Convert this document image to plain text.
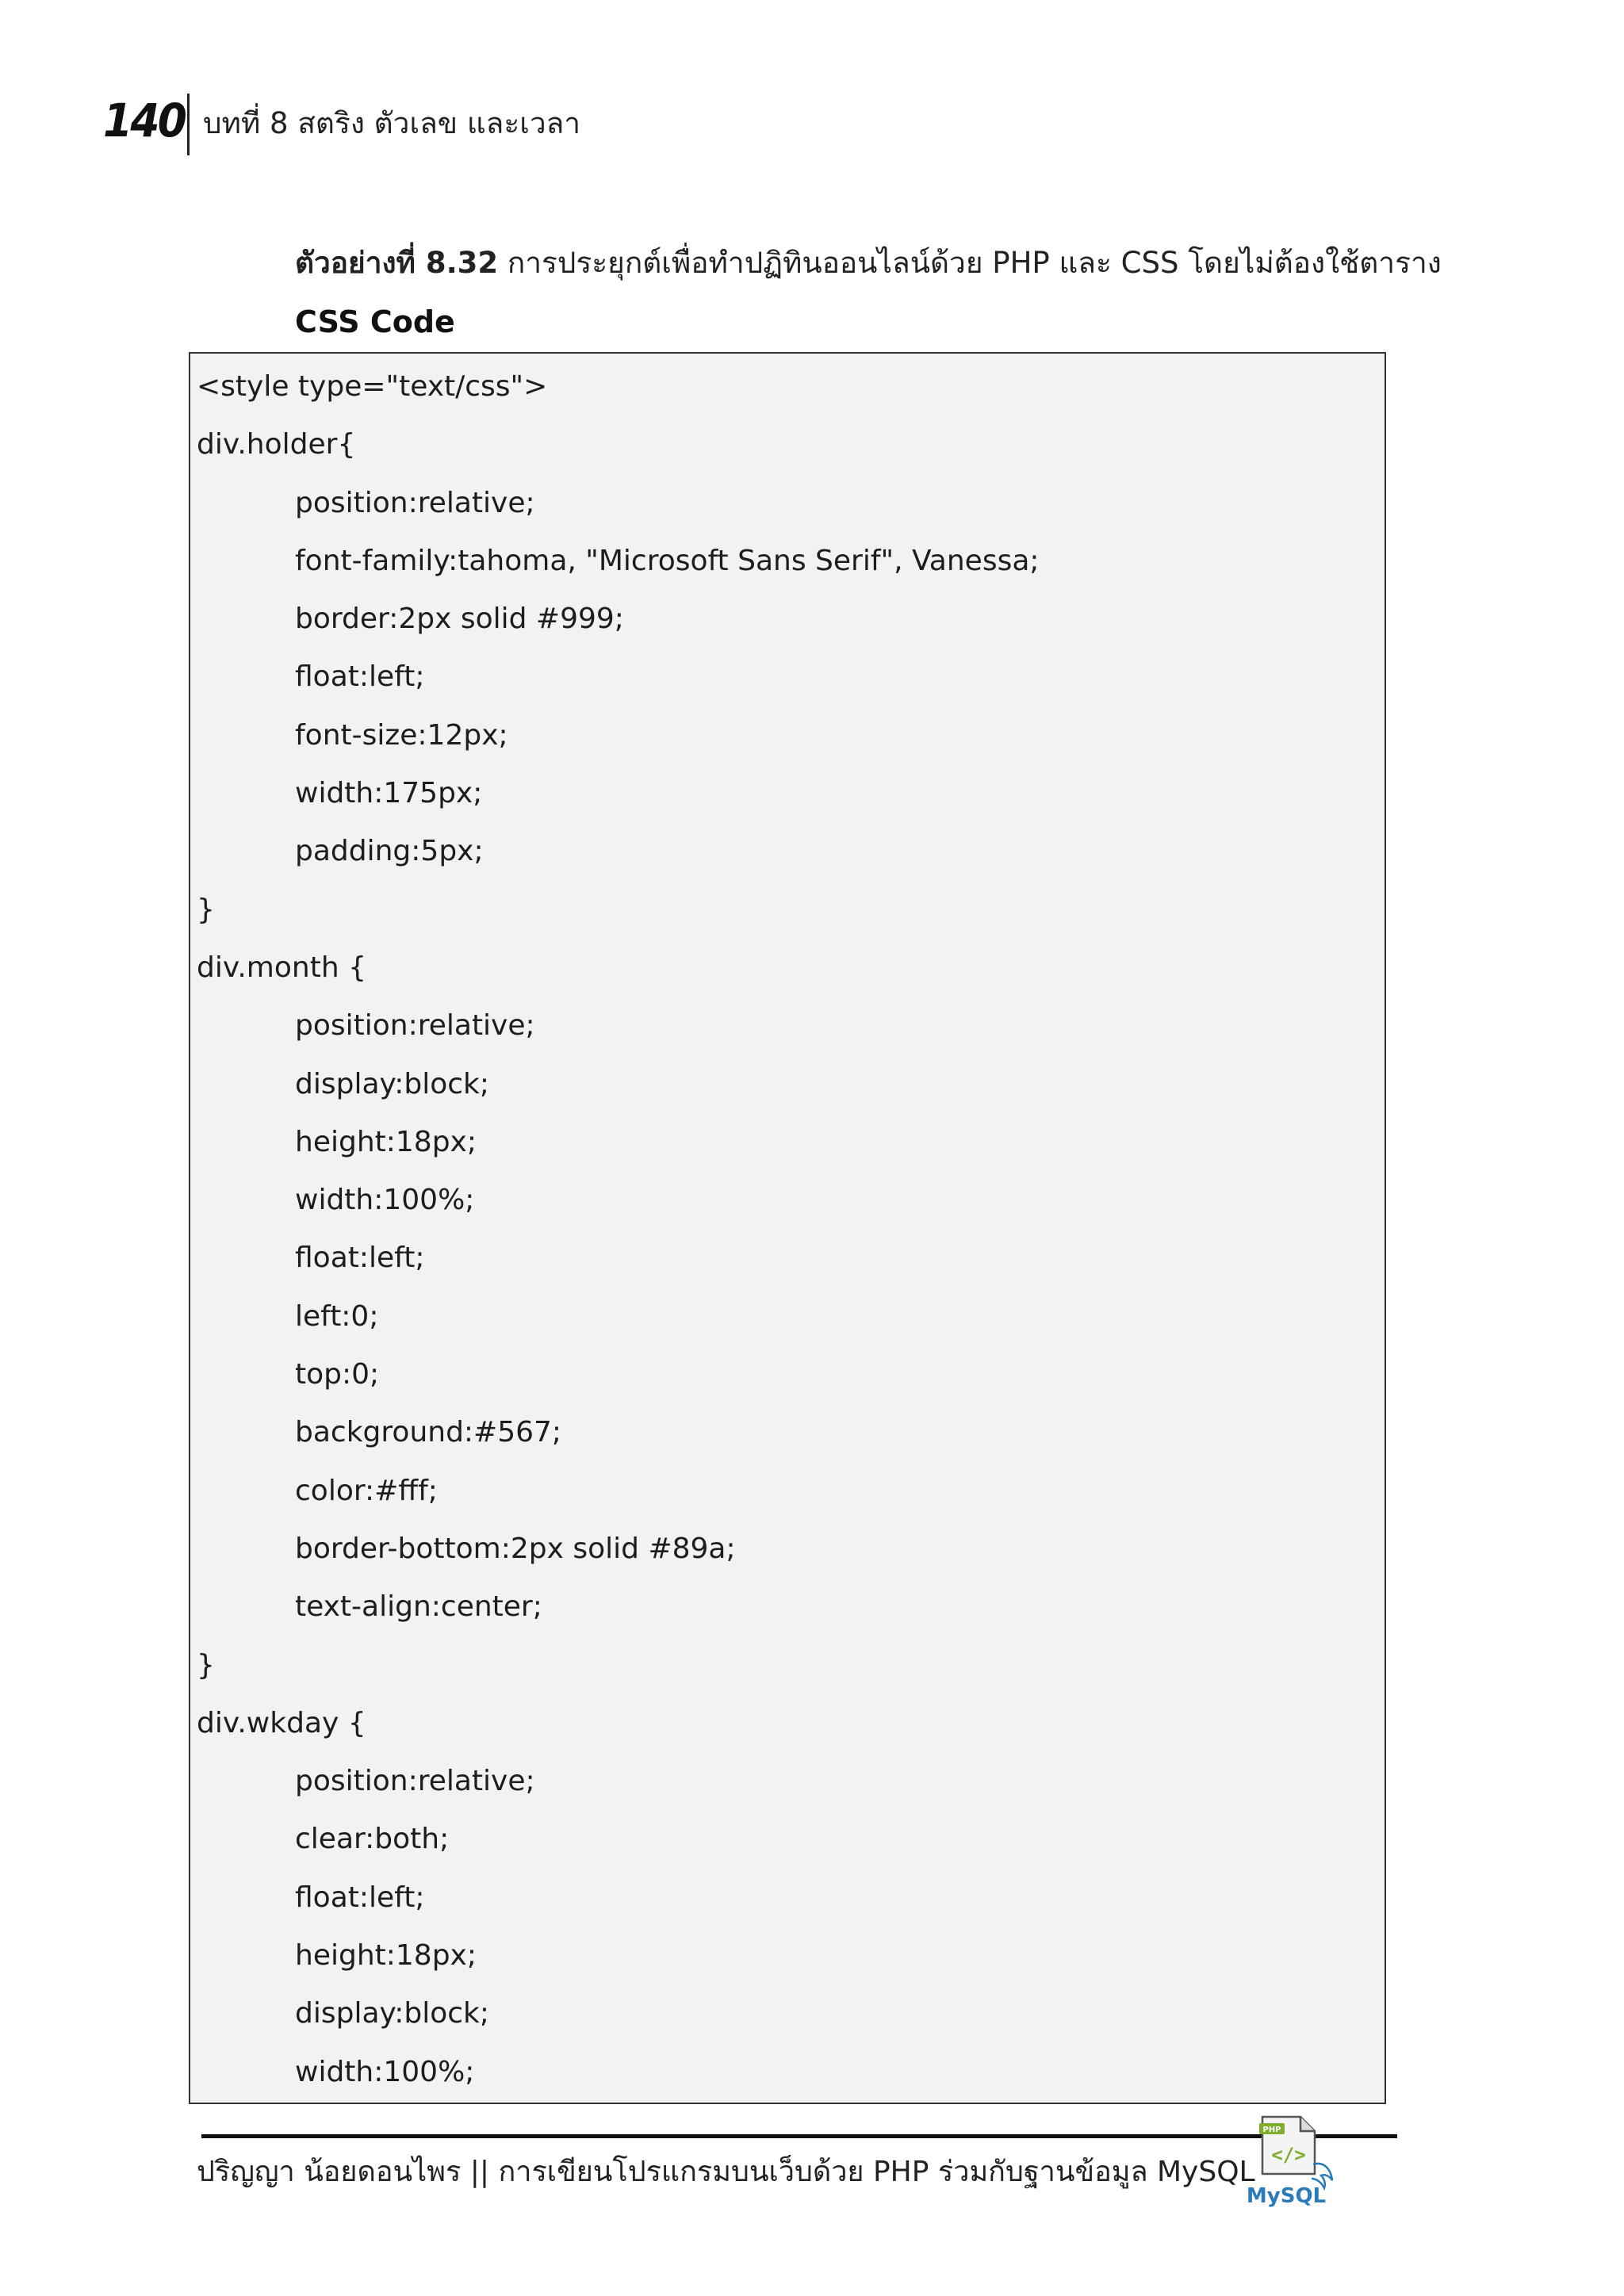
140 บทที่ 8 สตริง ตัวเลข และเวลา
ตัวอย่างที่ 8.32 การประยุกต์เพื่อทำปฏิทินออนไลน์ด้วย PHP และ CSS โดยไม่ต้องใช้ตาราง
CSS Code
<style type="text/css">
div.holder{
position:relative;
font-family:tahoma, "Microsoft Sans Serif", Vanessa;
border:2px solid #999;
float:left;
font-size:12px;
width:175px;
padding:5px;
}
div.month {
position:relative;
display:block;
height:18px;
width:100%;
float:left;
left:0;
top:0;
background:#567;
color:#fff;
border-bottom:2px solid #89a;
text-align:center;
}
div.wkday {
position:relative;
clear:both;
float:left;
height:18px;
display:block;
width:100%;
ปริญญา น้อยดอนไพร || การเขียนโปรแกรมบนเว็บด้วย PHP ร่วมกับฐานข้อมูล MySQL
PHP
</>
MySQL
